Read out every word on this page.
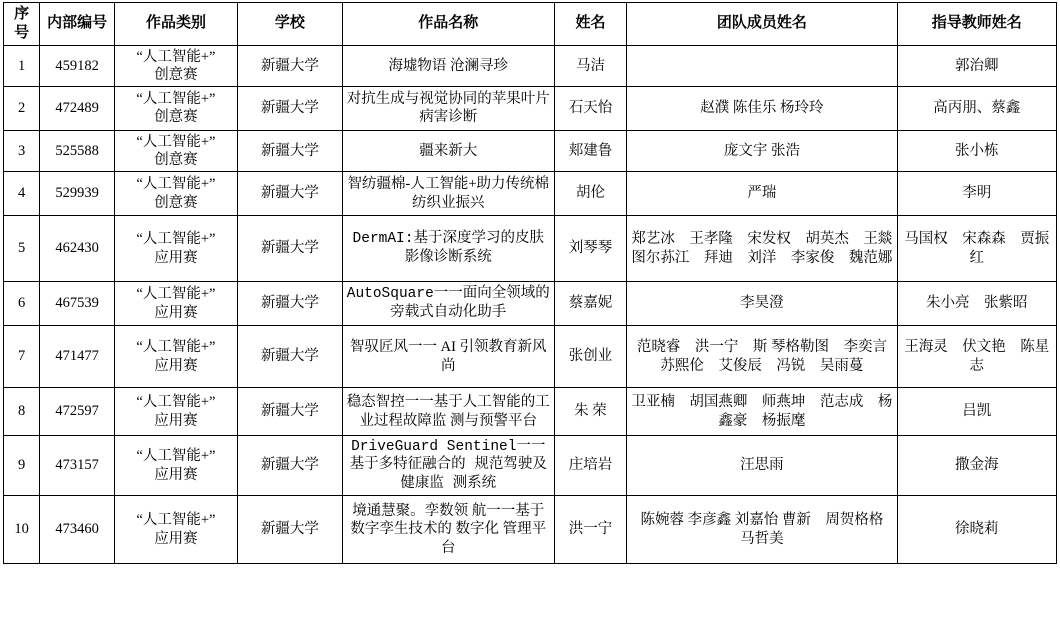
序号	内部编号	作品类别	学校	作品名称	姓名	团队成员姓名	指导教师姓名
1	459182	“人工智能+”
创意赛	新疆大学	海墟物语 沧澜寻珍	马洁		郭治卿
2	472489	“人工智能+”
创意赛	新疆大学	对抗生成与视觉协同的苹果叶片病害诊断	石天怡	赵濮 陈佳乐 杨玲玲	高丙朋、蔡鑫
3	525588	“人工智能+”
创意赛	新疆大学	疆来新大	郏建鲁	庞文宇 张浩	张小栋
4	529939	“人工智能+”
创意赛	新疆大学	智纺疆棉-人工智能+助力传统棉纺织业振兴	胡伦	严瑞	李明
5	462430	“人工智能+”
应用赛	新疆大学	DermAI:基于深度学习的皮肤影像诊断系统	刘琴琴	郑艺冰　王孝隆　宋发权　胡英杰　王燚　图尔荪江　拜迪　刘洋　李家俊　魏范娜	马国权　宋森森　贾振红
6	467539	“人工智能+”
应用赛	新疆大学	AutoSquare一一面向全领域的旁载式自动化助手	蔡嘉妮	李昊澄	朱小亮　张紫昭
7	471477	“人工智能+”
应用赛	新疆大学	智驭匠风一一 AI 引领教育新风尚	张创业	范晓睿　洪一宁　斯 琴格勒图　李奕言　苏熙伦　艾俊辰　冯锐　吴雨蔓	王海灵　伏文艳　陈星志
8	472597	“人工智能+”
应用赛	新疆大学	稳态智控一一基于人工智能的工业过程故障监 测与预警平台	朱 荣	卫亚楠　胡国燕卿　师燕坤　范志成　杨鑫豪　杨振麾	吕凯
9	473157	“人工智能+”
应用赛	新疆大学	DriveGuard Sentinel一一基于多特征融合的 规范驾驶及健康监 测系统	庄培岩	汪思雨	撒金海
10	473460	“人工智能+”
应用赛	新疆大学	境通慧聚。孪数领 航一一基于数字孪生技术的 数字化 管理平台	洪一宁	陈婉蓉 李彦鑫 刘嘉怡 曹新　周贺格格　马哲美	徐晓莉
